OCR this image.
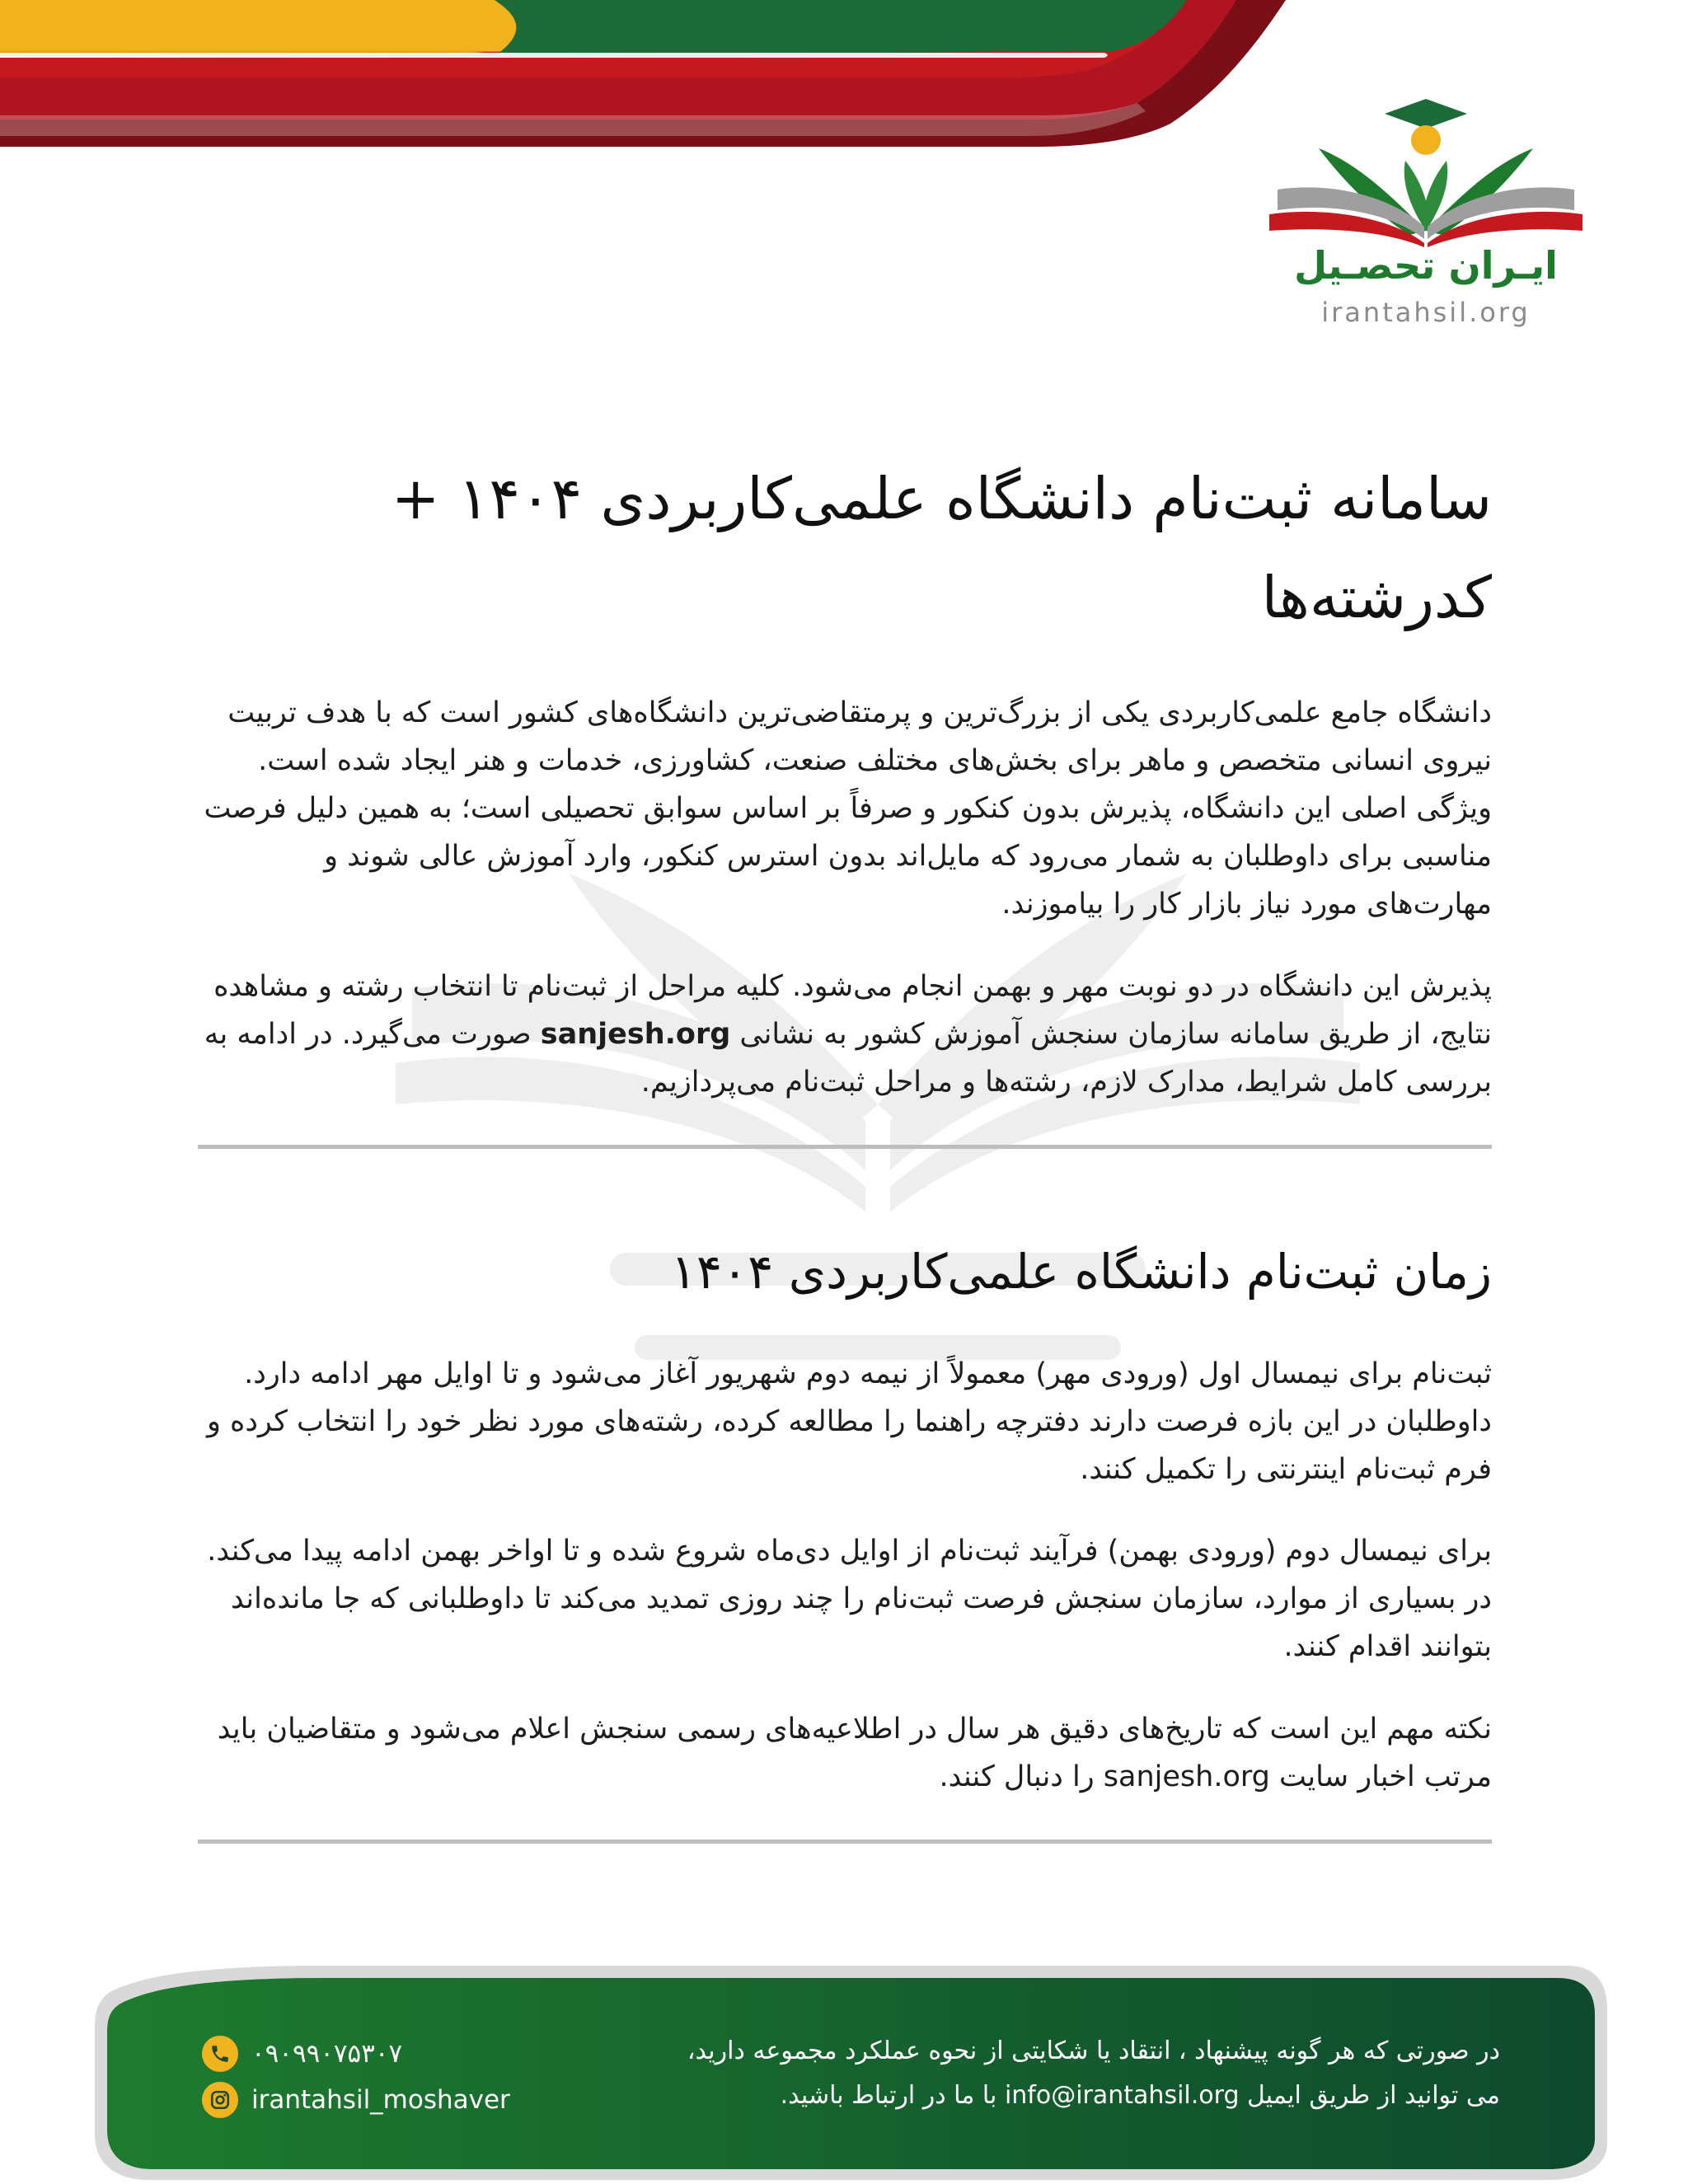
ایـران تحصـیل
irantahsil.org
سامانه ثبت‌نام دانشگاه علمی‌کاربردی ۱۴۰۴ + کدرشته‌ها

دانشگاه جامع علمی‌کاربردی یکی از بزرگ‌ترین و پرمتقاضی‌ترین دانشگاه‌های کشور است که با هدف تربیت نیروی انسانی متخصص و ماهر برای بخش‌های مختلف صنعت، کشاورزی، خدمات و هنر ایجاد شده است. ویژگی اصلی این دانشگاه، پذیرش بدون کنکور و صرفاً بر اساس سوابق تحصیلی است؛ به همین دلیل فرصت مناسبی برای داوطلبان به شمار می‌رود که مایل‌اند بدون استرس کنکور، وارد آموزش عالی شوند و مهارت‌های مورد نیاز بازار کار را بیاموزند.

پذیرش این دانشگاه در دو نوبت مهر و بهمن انجام می‌شود. کلیه مراحل از ثبت‌نام تا انتخاب رشته و مشاهده نتایج، از طریق سامانه سازمان سنجش آموزش کشور به نشانی sanjesh.org صورت می‌گیرد. در ادامه به بررسی کامل شرایط، مدارک لازم، رشته‌ها و مراحل ثبت‌نام می‌پردازیم.

زمان ثبت‌نام دانشگاه علمی‌کاربردی ۱۴۰۴

ثبت‌نام برای نیمسال اول (ورودی مهر) معمولاً از نیمه دوم شهریور آغاز می‌شود و تا اوایل مهر ادامه دارد. داوطلبان در این بازه فرصت دارند دفترچه راهنما را مطالعه کرده، رشته‌های مورد نظر خود را انتخاب کرده و فرم ثبت‌نام اینترنتی را تکمیل کنند.

برای نیمسال دوم (ورودی بهمن) فرآیند ثبت‌نام از اوایل دی‌ماه شروع شده و تا اواخر بهمن ادامه پیدا می‌کند. در بسیاری از موارد، سازمان سنجش فرصت ثبت‌نام را چند روزی تمدید می‌کند تا داوطلبانی که جا مانده‌اند بتوانند اقدام کنند.

نکته مهم این است که تاریخ‌های دقیق هر سال در اطلاعیه‌های رسمی سنجش اعلام می‌شود و متقاضیان باید مرتب اخبار سایت sanjesh.org را دنبال کنند.

در صورتی که هر گونه پیشنهاد ، انتقاد یا شکایتی از نحوه عملکرد مجموعه دارید،
می توانید از طریق ایمیل info@irantahsil.org با ما در ارتباط باشید.
۰۹۰۹۹۰۷۵۳۰۷
irantahsil_moshaver
